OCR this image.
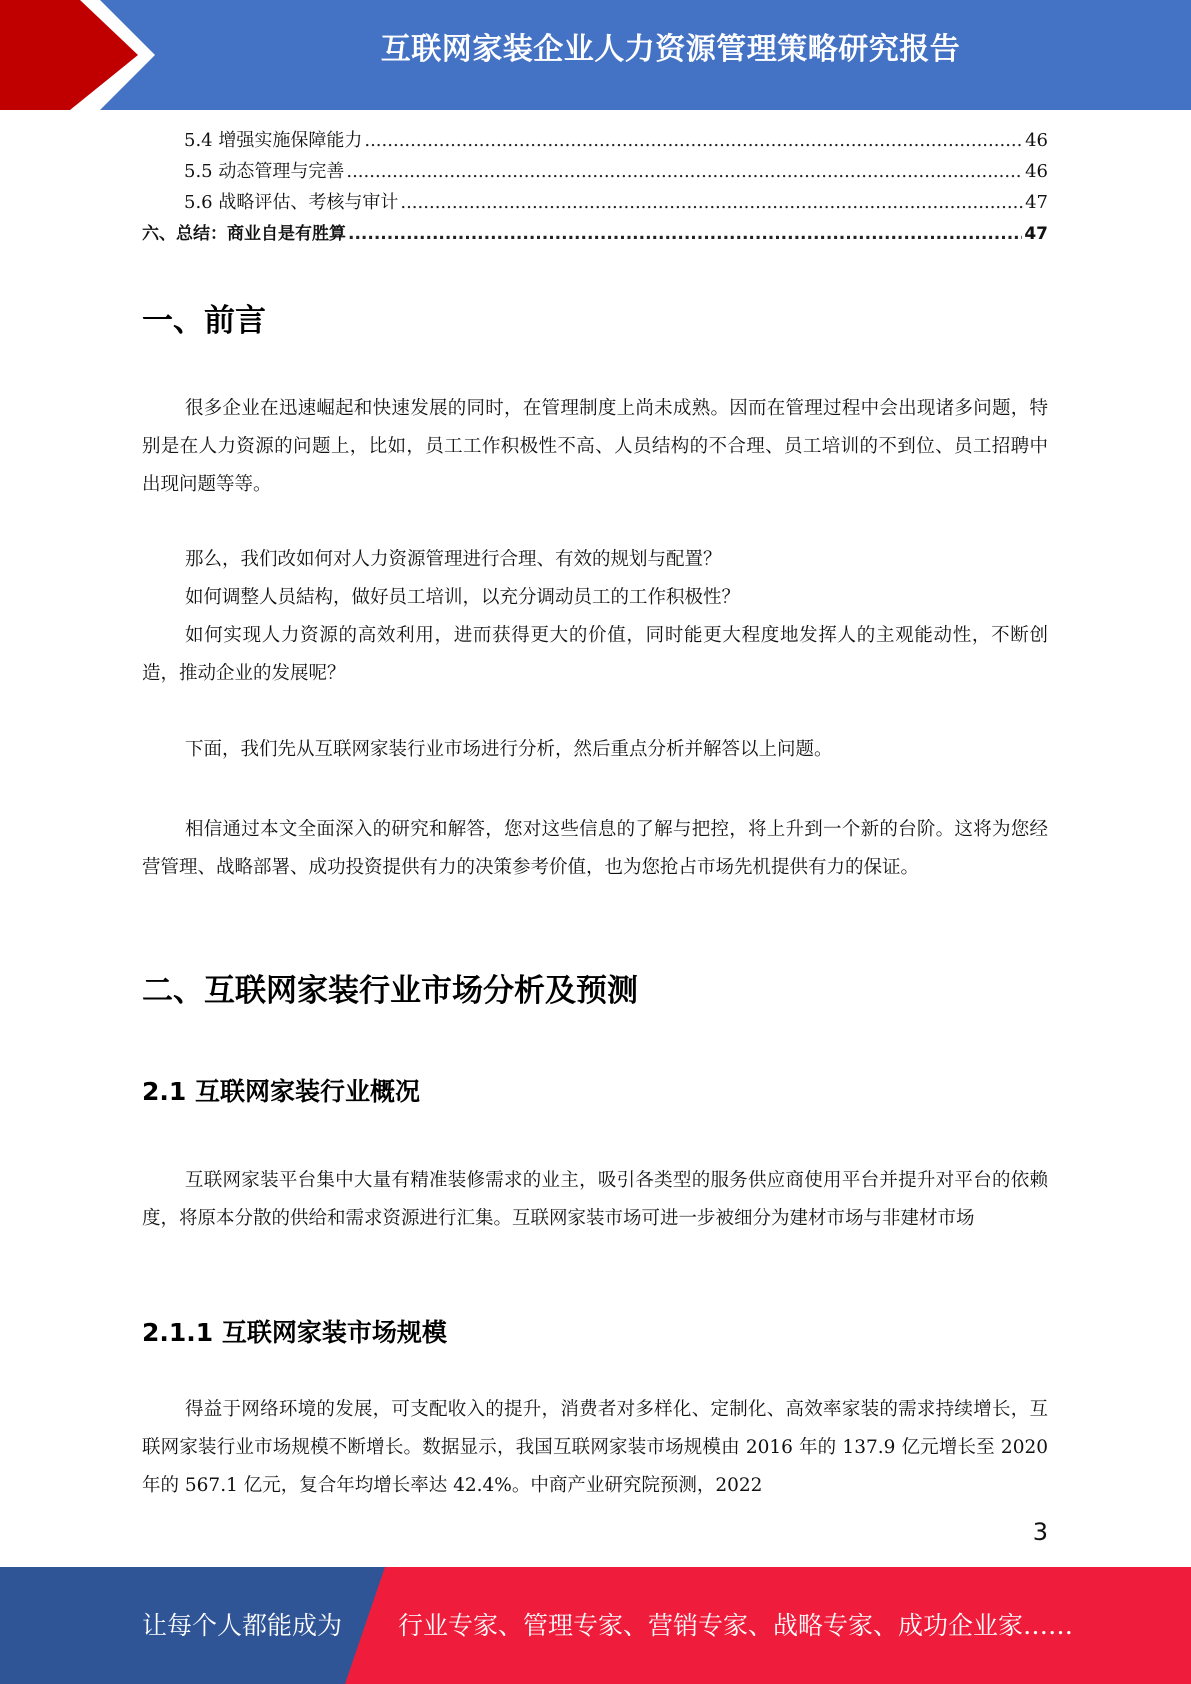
互联网家装企业人力资源管理策略研究报告
5.4 增强实施保障能力 .....	46
5.5 动态管理与完善 .....	46
5.6 战略评估、考核与审计 .....	47
六、总结：商业自是有胜算 .....	47
一、前言

很多企业在迅速崛起和快速发展的同时，在管理制度上尚未成熟。因而在管理过程中会出现诸多问题，特别是在人力资源的问题上，比如，员工工作积极性不高、人员结构的不合理、员工培训的不到位、员工招聘中出现问题等等。

那么，我们改如何对人力资源管理进行合理、有效的规划与配置？

如何调整人员結构，做好员工培训，以充分调动员工的工作积极性？

如何实现人力资源的高效利用，进而获得更大的价值，同时能更大程度地发挥人的主观能动性，不断创造，推动企业的发展呢？

下面，我们先从互联网家装行业市场进行分析，然后重点分析并解答以上问题。

相信通过本文全面深入的研究和解答，您对这些信息的了解与把控，将上升到一个新的台阶。这将为您经营管理、战略部署、成功投资提供有力的决策参考价值，也为您抢占市场先机提供有力的保证。

二、互联网家装行业市场分析及预测
2.1 互联网家装行业概况

互联网家装平台集中大量有精准装修需求的业主，吸引各类型的服务供应商使用平台并提升对平台的依赖度，将原本分散的供给和需求资源进行汇集。互联网家装市场可进一步被细分为建材市场与非建材市场

2.1.1 互联网家装市场规模

得益于网络环境的发展，可支配收入的提升，消费者对多样化、定制化、高效率家装的需求持续增长，互联网家装行业市场规模不断增长。数据显示，我国互联网家装市场规模由 2016 年的 137.9 亿元增长至 2020 年的 567.1 亿元，复合年均增长率达 42.4%。中商产业研究院预测，2022

3
让每个人都能成为 行业专家、管理专家、营销专家、战略专家、成功企业家……
